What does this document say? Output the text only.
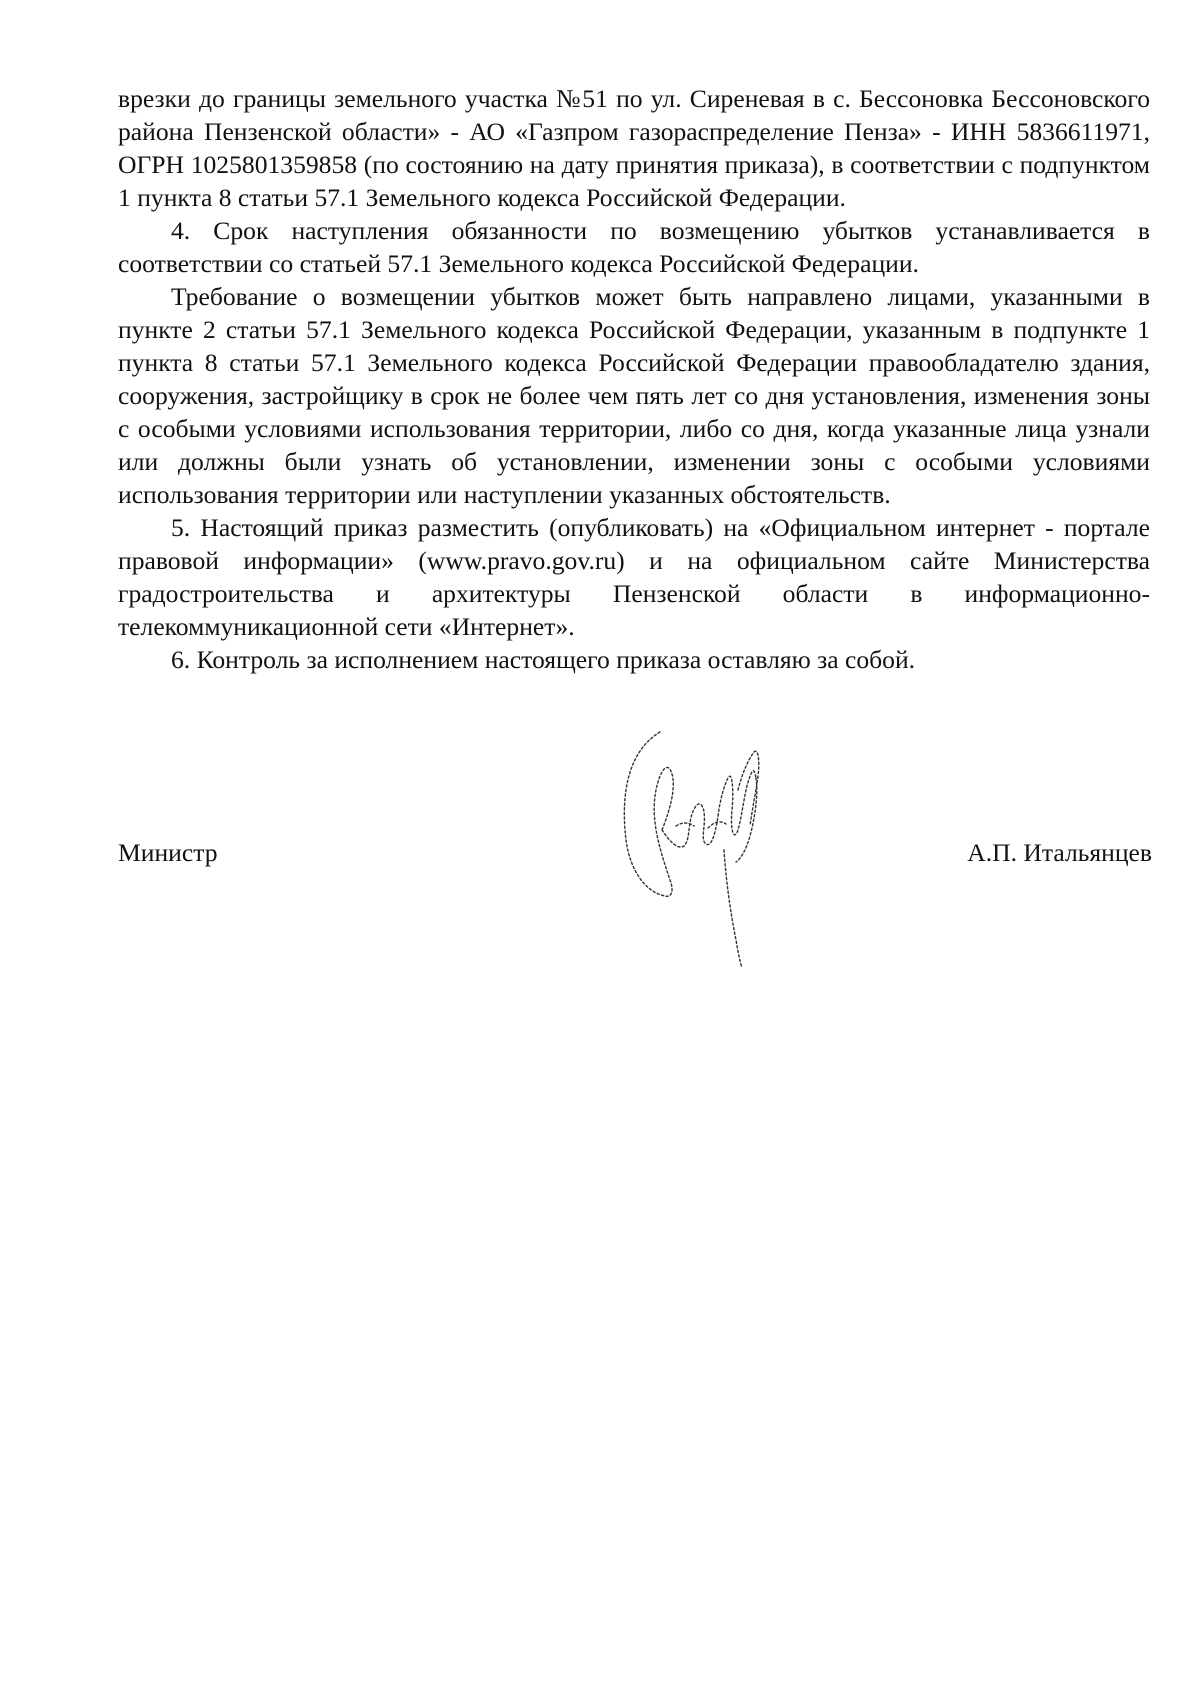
врезки до границы земельного участка №51 по ул. Сиреневая в с. Бессоновка Бессоновского района Пензенской области» - АО «Газпром газораспределение Пенза» - ИНН 5836611971, ОГРН 1025801359858 (по состоянию на дату принятия приказа), в соответствии с подпунктом 1 пункта 8 статьи 57.1 Земельного кодекса Российской Федерации.

4. Срок наступления обязанности по возмещению убытков устанавливается в соответствии со статьей 57.1 Земельного кодекса Российской Федерации.

Требование о возмещении убытков может быть направлено лицами, указанными в пункте 2 статьи 57.1 Земельного кодекса Российской Федерации, указанным в подпункте 1 пункта 8 статьи 57.1 Земельного кодекса Российской Федерации правообладателю здания, сооружения, застройщику в срок не более чем пять лет со дня установления, изменения зоны с особыми условиями использования территории, либо со дня, когда указанные лица узнали или должны были узнать об установлении, изменении зоны с особыми условиями использования территории или наступлении указанных обстоятельств.

5. Настоящий приказ разместить (опубликовать) на «Официальном интернет - портале правовой информации» (www.pravo.gov.ru) и на официальном сайте Министерства градостроительства и архитектуры Пензенской области в информационно-телекоммуникационной сети «Интернет».

6. Контроль за исполнением настоящего приказа оставляю за собой.

Министр	А.П. Итальянцев
